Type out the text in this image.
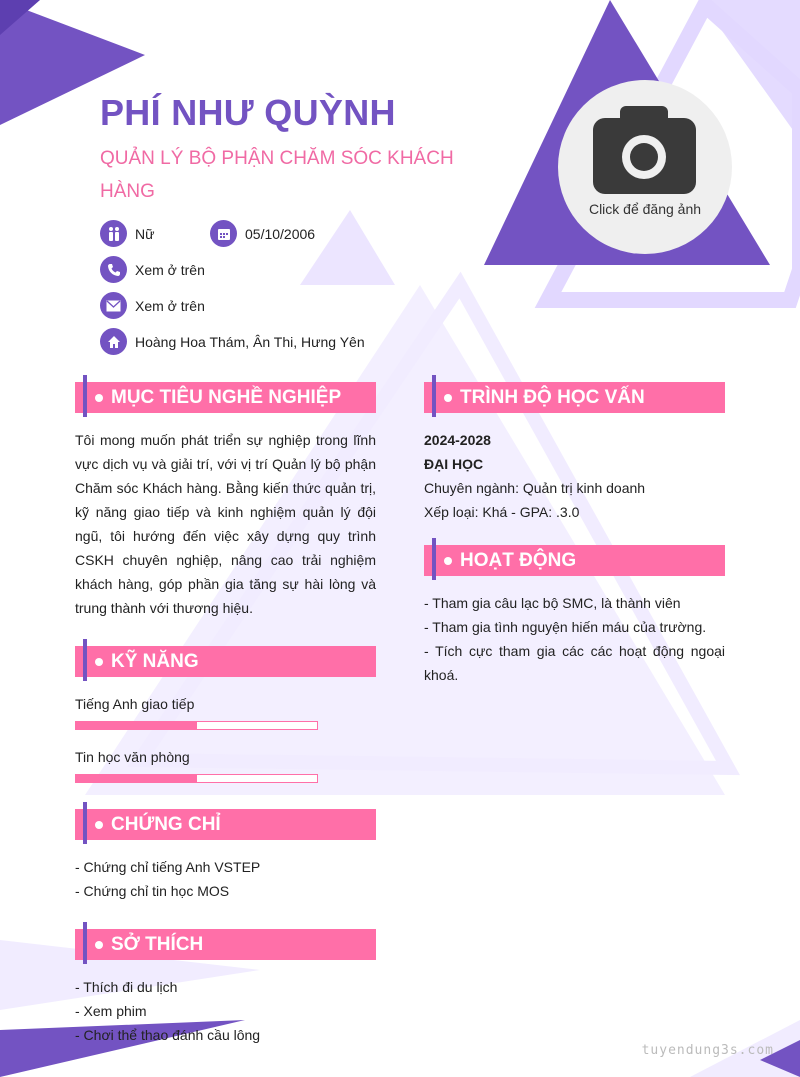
PHÍ NHƯ QUỲNH
QUẢN LÝ BỘ PHẬN CHĂM SÓC KHÁCH HÀNG
Click để đăng ảnh
Nữ	05/10/2006
Xem ở trên
Xem ở trên
Hoàng Hoa Thám, Ân Thi, Hưng Yên
MỤC TIÊU NGHỀ NGHIỆP
Tôi mong muốn phát triển sự nghiệp trong lĩnh vực dịch vụ và giải trí, với vị trí Quản lý bộ phận Chăm sóc Khách hàng. Bằng kiến thức quản trị, kỹ năng giao tiếp và kinh nghiệm quản lý đội ngũ, tôi hướng đến việc xây dựng quy trình CSKH chuyên nghiệp, nâng cao trải nghiệm khách hàng, góp phần gia tăng sự hài lòng và trung thành với thương hiệu.
KỸ NĂNG
Tiếng Anh giao tiếp
Tin học văn phòng
CHỨNG CHỈ
- Chứng chỉ tiếng Anh VSTEP
- Chứng chỉ tin học MOS
SỞ THÍCH
- Thích đi du lịch
- Xem phim
- Chơi thể thao đánh cầu lông
TRÌNH ĐỘ HỌC VẤN
2024-2028
ĐẠI HỌC
Chuyên ngành: Quản trị kinh doanh
Xếp loại: Khá - GPA: .3.0
HOẠT ĐỘNG
- Tham gia câu lạc bộ SMC, là thành viên
- Tham gia tình nguyện hiến máu của trường.
- Tích cực tham gia các các hoạt động ngoại khoá.
tuyendung3s.com
